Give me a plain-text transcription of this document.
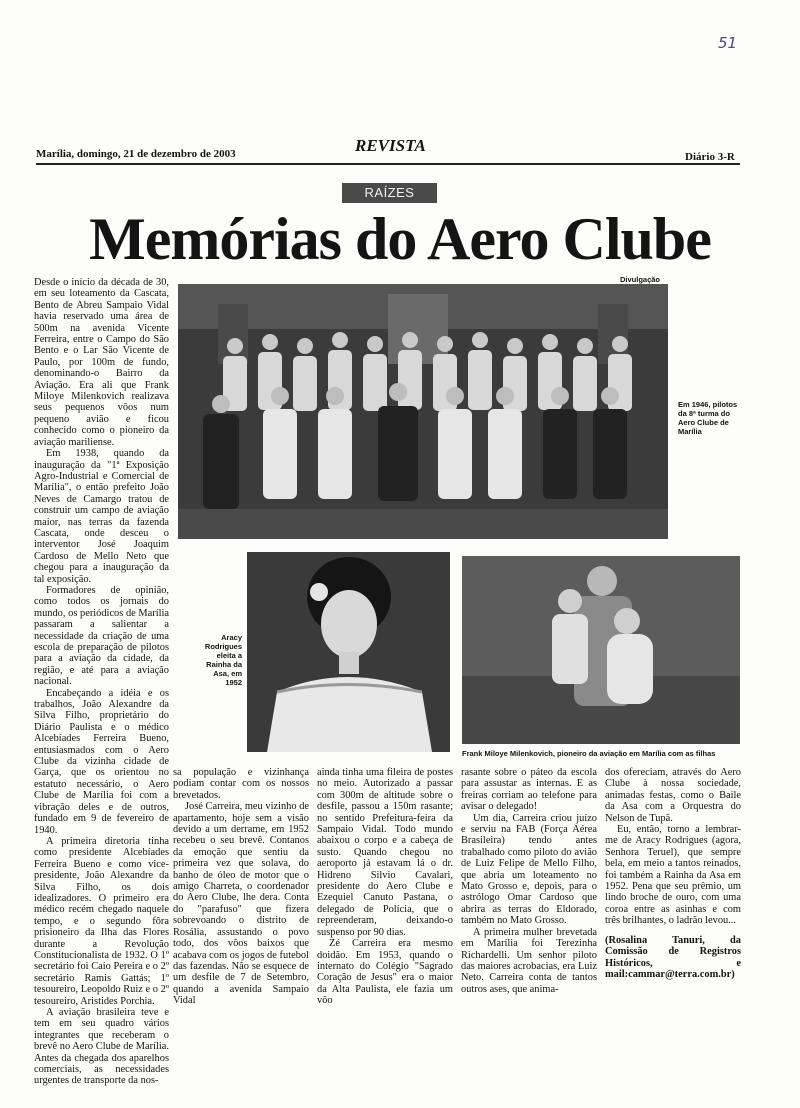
51
REVISTA
Marília, domingo, 21 de dezembro de 2003	Diário 3-R
RAÍZES
Memórias do Aero Clube

Desde o início da década de 30, em seu loteamento da Cascata, Bento de Abreu Sampaio Vidal havia reservado uma área de 500m na avenida Vicente Ferreira, entre o Campo do São Bento e o Lar São Vicente de Paulo, por 100m de fundo, denominando-o Bairro da Aviação. Era ali que Frank Miloye Milenkovich realizava seus pequenos vôos num pequeno avião e ficou conhecido como o pioneiro da aviação mariliense.

Em 1938, quando da inauguração da "1ª Exposição Agro-Industrial e Comercial de Marília", o então prefeito João Neves de Camargo tratou de construir um campo de aviação maior, nas terras da fazenda Cascata, onde desceu o interventor José Joaquim Cardoso de Mello Neto que chegou para a inauguração da tal exposição.

Formadores de opinião, como todos os jornais do mundo, os periódicos de Marília passaram a salientar a necessidade da criação de uma escola de preparação de pilotos para a aviação da cidade, da região, e até para a aviação nacional.

Encabeçando a idéia e os trabalhos, João Alexandre da Silva Filho, proprietário do Diário Paulista e o médico Alcebíades Ferreira Bueno, entusiasmados com o Aero Clube da vizinha cidade de Garça, que os orientou no estatuto necessário, o Aero Clube de Marília foi com a vibração deles e de outros, fundado em 9 de fevereiro de 1940.

A primeira diretoria tinha como presidente Alcebíades Ferreira Bueno e como vice-presidente, João Alexandre da Silva Filho, os dois idealizadores. O primeiro era médico recém chegado naquele tempo, e o segundo fôra prisioneiro da Ilha das Flores durante a Revolução Constitucionalista de 1932. O 1º secretário foi Caio Pereira e o 2º secretário Ramis Gattás; 1º tesoureiro, Leopoldo Ruiz e o 2º tesoureiro, Aristides Porchia.

A aviação brasileira teve e tem em seu quadro vários integrantes que receberam o brevê no Aero Clube de Marília. Antes da chegada dos aparelhos comerciais, as necessidades urgentes de transporte da nos-

Divulgação
Em 1946, pilotos da 8ª turma do Aero Clube de Marília
Aracy Rodrigues eleita a Rainha da Asa, em 1952
Frank Miloye Milenkovich, pioneiro da aviação em Marília com as filhas

sa população e vizinhança podiam contar com os nossos brevetados.

José Carreira, meu vizinho de apartamento, hoje sem a visão devido a um derrame, em 1952 recebeu o seu brevê. Contanos da emoção que sentiu da primeira vez que solava, do banho de óleo de motor que o amigo Charreta, o coordenador do Aero Clube, lhe dera. Conta do "parafuso" que fizera sobrevoando o distrito de Rosália, assustando o povo todo, dos vôos baixos que acabava com os jogos de futebol das fazendas. Não se esquece de um desfile de 7 de Setembro, quando a avenida Sampaio Vidal

ainda tinha uma fileira de postes no meio. Autorizado a passar com 300m de altitude sobre o desfile, passou a 150m rasante; no sentido Prefeitura-feira da Sampaio Vidal. Todo mundo abaixou o corpo e a cabeça de susto. Quando chegou no aeroporto já estavam lá o dr. Hidreno Silvio Cavalari, presidente do Aero Clube e Ezequiel Canuto Pastana, o delegado de Polícia, que o repreenderam, deixando-o suspenso por 90 dias.

Zé Carreira era mesmo doidão. Em 1953, quando o internato do Colégio "Sagrado Coração de Jesus" era o maior da Alta Paulista, ele fazia um vôo

rasante sobre o páteo da escola para assustar as internas. E as freiras corriam ao telefone para avisar o delegado!

Um dia, Carreira criou juízo e serviu na FAB (Força Aérea Brasileira) tendo antes trabalhado como piloto do avião de Luiz Felipe de Mello Filho, que abria um loteamento no Mato Grosso e, depois, para o astrólogo Omar Cardoso que abrira as terras do Eldorado, também no Mato Grosso.

A primeira mulher brevetada em Marília foi Terezinha Richardelli. Um senhor piloto das maiores acrobacias, era Luiz Neto. Carreira conta de tantos outros ases, que anima-

dos ofereciam, através do Aero Clube à nossa sociedade, animadas festas, como o Baile da Asa com a Orquestra do Nelson de Tupã.

Eu, então, torno a lembrar-me de Aracy Rodrigues (agora, Senhora Teruel), que sempre bela, em meio a tantos reinados, foi também a Rainha da Asa em 1952. Pena que seu prêmio, um lindo broche de ouro, com uma coroa entre as asinhas e com três brilhantes, o ladrão levou...

(Rosalina Tanuri, da Comissão de Registros Históricos, e mail:cammar@terra.com.br)
